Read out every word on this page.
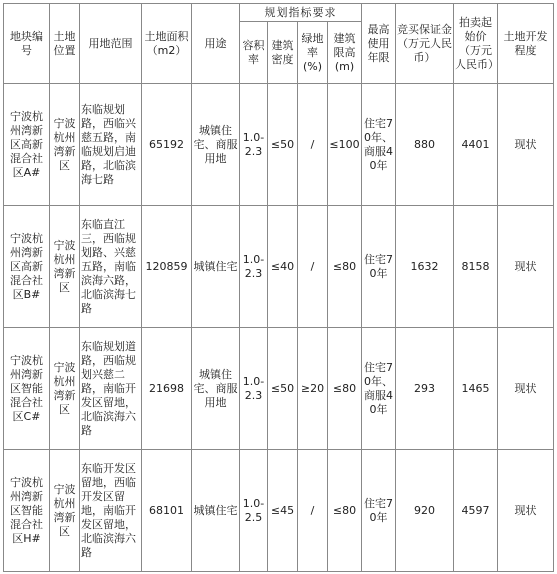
地块编号	土地位置	用地范围	土地面积（m2）	用途	规划指标要求				最高使用年限	竞买保证金（万元人民币）	拍卖起始价（万元人民币）	土地开发程度
					容积率	建筑密度	绿地率(%)	建筑限高(m)				
宁波杭州湾新区高新混合社区A#	宁波杭州湾新区	东临规划路，西临兴慈五路，南临规划启迪路，北临滨海七路	65192	城镇住宅、商服用地	1.0-2.3	≤50	/	≤100	住宅70年、商服40年	880	4401	现状
宁波杭州湾新区高新混合社区B#	宁波杭州湾新区	东临直江三，西临规划路、兴慈五路，南临滨海六路，北临滨海七路	120859	城镇住宅	1.0-2.3	≤40	/	≤80	住宅70年	1632	8158	现状
宁波杭州湾新区智能混合社区C#	宁波杭州湾新区	东临规划道路，西临规划兴慈二路，南临开发区留地，北临滨海六路	21698	城镇住宅、商服用地	1.0-2.3	≤50	≥20	≤80	住宅70年、商服40年	293	1465	现状
宁波杭州湾新区智能混合社区H#	宁波杭州湾新区	东临开发区留地，西临开发区留地，南临开发区留地，北临滨海六路	68101	城镇住宅	1.0-2.5	≤45	/	≤80	住宅70年	920	4597	现状
